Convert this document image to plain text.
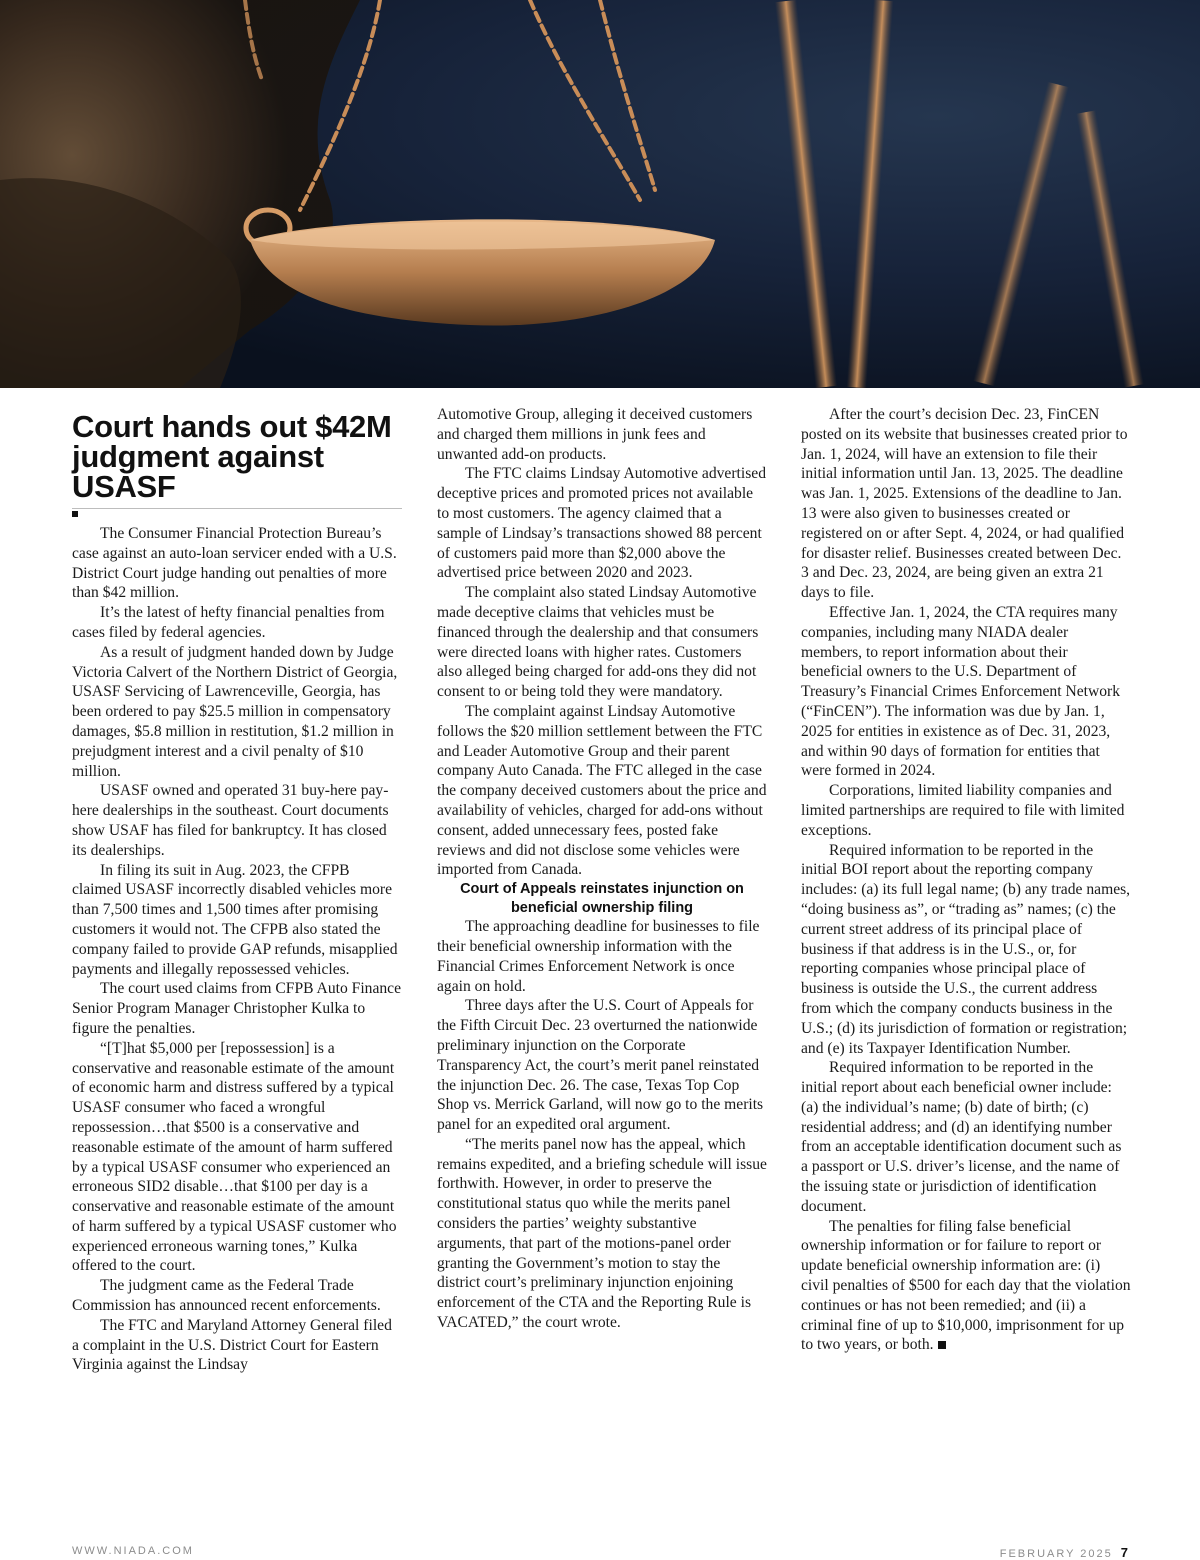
Court hands out $42M judgment against USASF

The Consumer Financial Protection Bureau’s case against an auto-loan servicer ended with a U.S. District Court judge handing out penalties of more than $42 million.

It’s the latest of hefty financial penalties from cases filed by federal agencies.

As a result of judgment handed down by Judge Victoria Calvert of the Northern District of Georgia, USASF Servicing of Lawrenceville, Georgia, has been ordered to pay $25.5 million in compensatory damages, $5.8 million in restitution, $1.2 million in prejudgment interest and a civil penalty of $10 million.

USASF owned and operated 31 buy-here pay-here dealerships in the southeast. Court documents show USAF has filed for bankruptcy. It has closed its dealerships.

In filing its suit in Aug. 2023, the CFPB claimed USASF incorrectly disabled vehicles more than 7,500 times and 1,500 times after promising customers it would not. The CFPB also stated the company failed to provide GAP refunds, misapplied payments and illegally repossessed vehicles.

The court used claims from CFPB Auto Finance Senior Program Manager Christopher Kulka to figure the penalties.

“[T]hat $5,000 per [repossession] is a conservative and reasonable estimate of the amount of economic harm and distress suffered by a typical USASF consumer who faced a wrongful repossession…that $500 is a conservative and reasonable estimate of the amount of harm suffered by a typical USASF consumer who experienced an erroneous SID2 disable…that $100 per day is a conservative and reasonable estimate of the amount of harm suffered by a typical USASF customer who experienced erroneous warning tones,” Kulka offered to the court.

The judgment came as the Federal Trade Commission has announced recent enforcements.

The FTC and Maryland Attorney General filed a complaint in the U.S. District Court for Eastern Virginia against the Lindsay

Automotive Group, alleging it deceived customers and charged them millions in junk fees and unwanted add-on products.

The FTC claims Lindsay Automotive advertised deceptive prices and promoted prices not available to most customers. The agency claimed that a sample of Lindsay’s transactions showed 88 percent of customers paid more than $2,000 above the advertised price between 2020 and 2023.

The complaint also stated Lindsay Automotive made deceptive claims that vehicles must be financed through the dealership and that consumers were directed loans with higher rates. Customers also alleged being charged for add-ons they did not consent to or being told they were mandatory.

The complaint against Lindsay Automotive follows the $20 million settlement between the FTC and Leader Automotive Group and their parent company Auto Canada. The FTC alleged in the case the company deceived customers about the price and availability of vehicles, charged for add-ons without consent, added unnecessary fees, posted fake reviews and did not disclose some vehicles were imported from Canada.

Court of Appeals reinstates injunction on beneficial ownership filing

The approaching deadline for businesses to file their beneficial ownership information with the Financial Crimes Enforcement Network is once again on hold.

Three days after the U.S. Court of Appeals for the Fifth Circuit Dec. 23 overturned the nationwide preliminary injunction on the Corporate Transparency Act, the court’s merit panel reinstated the injunction Dec. 26. The case, Texas Top Cop Shop vs. Merrick Garland, will now go to the merits panel for an expedited oral argument.

“The merits panel now has the appeal, which remains expedited, and a briefing schedule will issue forthwith. However, in order to preserve the constitutional status quo while the merits panel considers the parties’ weighty substantive arguments, that part of the motions-panel order granting the Government’s motion to stay the district court’s preliminary injunction enjoining enforcement of the CTA and the Reporting Rule is VACATED,” the court wrote.

After the court’s decision Dec. 23, FinCEN posted on its website that businesses created prior to Jan. 1, 2024, will have an extension to file their initial information until Jan. 13, 2025. The deadline was Jan. 1, 2025. Extensions of the deadline to Jan. 13 were also given to businesses created or registered on or after Sept. 4, 2024, or had qualified for disaster relief. Businesses created between Dec. 3 and Dec. 23, 2024, are being given an extra 21 days to file.

Effective Jan. 1, 2024, the CTA requires many companies, including many NIADA dealer members, to report information about their beneficial owners to the U.S. Department of Treasury’s Financial Crimes Enforcement Network (“FinCEN”). The information was due by Jan. 1, 2025 for entities in existence as of Dec. 31, 2023, and within 90 days of formation for entities that were formed in 2024.

Corporations, limited liability companies and limited partnerships are required to file with limited exceptions.

Required information to be reported in the initial BOI report about the reporting company includes: (a) its full legal name; (b) any trade names, “doing business as”, or “trading as” names; (c) the current street address of its principal place of business if that address is in the U.S., or, for reporting companies whose principal place of business is outside the U.S., the current address from which the company conducts business in the U.S.; (d) its jurisdiction of formation or registration; and (e) its Taxpayer Identification Number.

Required information to be reported in the initial report about each beneficial owner include: (a) the individual’s name; (b) date of birth; (c) residential address; and (d) an identifying number from an acceptable identification document such as a passport or U.S. driver’s license, and the name of the issuing state or jurisdiction of identification document.

The penalties for filing false beneficial ownership information or for failure to report or update beneficial ownership information are: (i) civil penalties of $500 for each day that the violation continues or has not been remedied; and (ii) a criminal fine of up to $10,000, imprisonment for up to two years, or both.

WWW.NIADA.COM	FEBRUARY 2025 7
